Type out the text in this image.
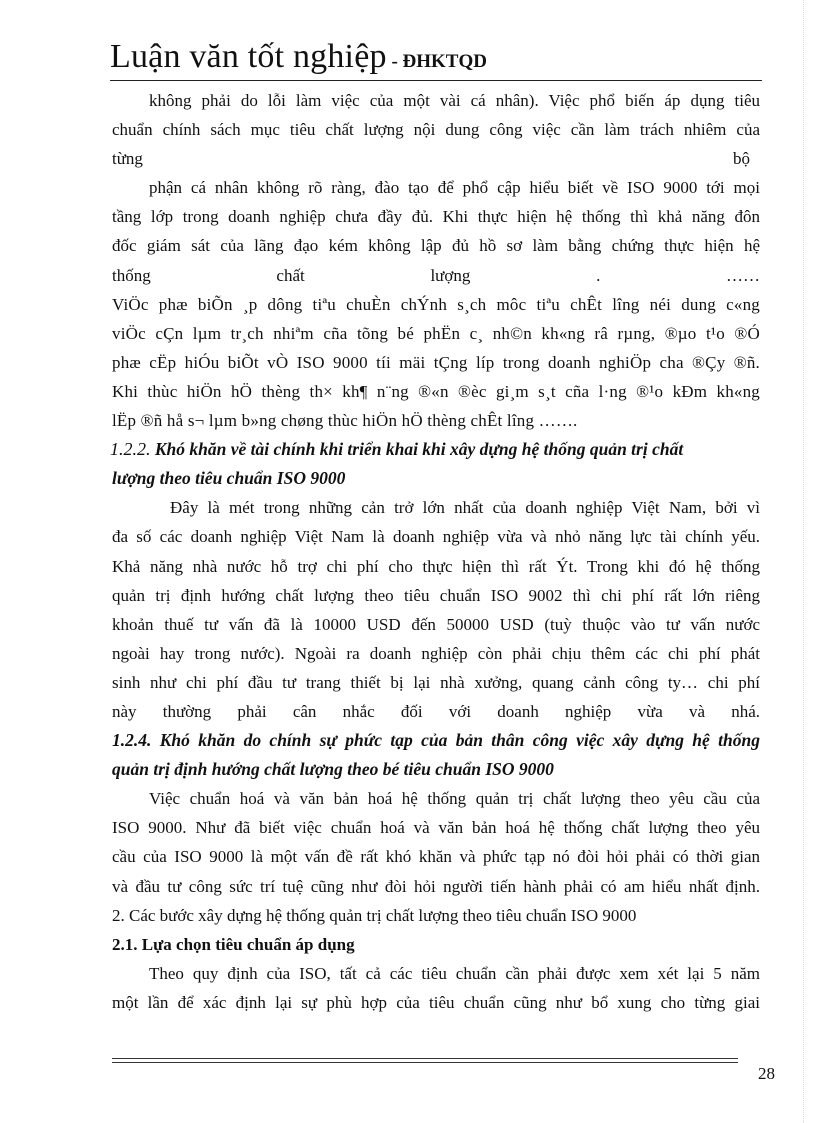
Luận văn tốt nghiệp - ĐHKTQD
không phải do lỗi làm việc của một vài cá nhân). Việc phổ biến áp dụng tiêu
chuẩn chính sách mục tiêu chất lượng nội dung công việc cần làm trách nhiêm của
từng	bộ
phận cá nhân không rõ ràng, đào tạo để phổ cập hiểu biết về ISO 9000 tới mọi
tầng lớp trong doanh nghiệp chưa đầy đủ. Khi thực hiện hệ thống thì khả năng đôn
đốc giám sát của lãng đạo kém không lập đủ hồ sơ làm bằng chứng thực hiện hệ
thống	chất	lượng	.	……
ViÖc phæ biÕn ¸p dông tiªu chuÈn chÝnh s¸ch môc tiªu chÊt lîng néi dung c«ng
viÖc cÇn lµm tr¸ch nhiªm cña tõng bé phËn c¸ nh©n kh«ng râ rµng, ®µo t¹o ®Ó
phæ cËp hiÓu biÕt vÒ ISO 9000 tíi mäi tÇng líp trong doanh nghiÖp cha ®Çy ®ñ.
Khi thùc hiÖn hÖ thèng th× kh¶ n¨ng ®«n ®èc gi¸m s¸t cña l·ng ®¹o kÐm kh«ng
lËp ®ñ hå s¬ lµm b»ng chøng thùc hiÖn hÖ thèng chÊt lîng …….
1.2.2. Khó khăn về tài chính khi triển khai khi xây dựng hệ thống quản trị chất
lượng theo tiêu chuẩn ISO 9000
Đây là mét trong những cản trở lớn nhất của doanh nghiệp Việt Nam, bởi vì
đa số các doanh nghiệp Việt Nam là doanh nghiệp vừa và nhỏ năng lực tài chính yếu.
Khả năng nhà nước hỗ trợ chi phí cho thực hiện thì rất Ýt. Trong khi đó hệ thống
quản trị định hướng chất lượng theo tiêu chuẩn ISO 9002 thì chi phí rất lớn riêng
khoản thuế tư vấn đã là 10000 USD đến 50000 USD (tuỳ thuộc vào tư vấn nước
ngoài hay trong nước). Ngoài ra doanh nghiệp còn phải chịu thêm các chi phí phát
sinh như chi phí đầu tư trang thiết bị lại nhà xưởng, quang cảnh công ty… chi phí
này thường phải cân nhắc đối với doanh nghiệp vừa và nhá.
1.2.4. Khó khăn do chính sự phức tạp của bản thân công việc xây dựng hệ thống
quản trị định hướng chất lượng theo bé tiêu chuẩn ISO 9000
Việc chuẩn hoá và văn bản hoá hệ thống quản trị chất lượng theo yêu cầu của
ISO 9000. Như đã biết việc chuẩn hoá và văn bản hoá hệ thống chất lượng theo yêu
cầu của ISO 9000 là một vấn đề rất khó khăn và phức tạp nó đòi hỏi phải có thời gian
và đầu tư công sức trí tuệ cũng như đòi hỏi người tiến hành phải có am hiểu nhất định.
2. Các bước xây dựng hệ thống quản trị chất lượng theo tiêu chuẩn ISO 9000
2.1. Lựa chọn tiêu chuẩn áp dụng
Theo quy định của ISO, tất cả các tiêu chuẩn cần phải được xem xét lại 5 năm
một lần để xác định lại sự phù hợp của tiêu chuẩn cũng như bổ xung cho từng giai
28
